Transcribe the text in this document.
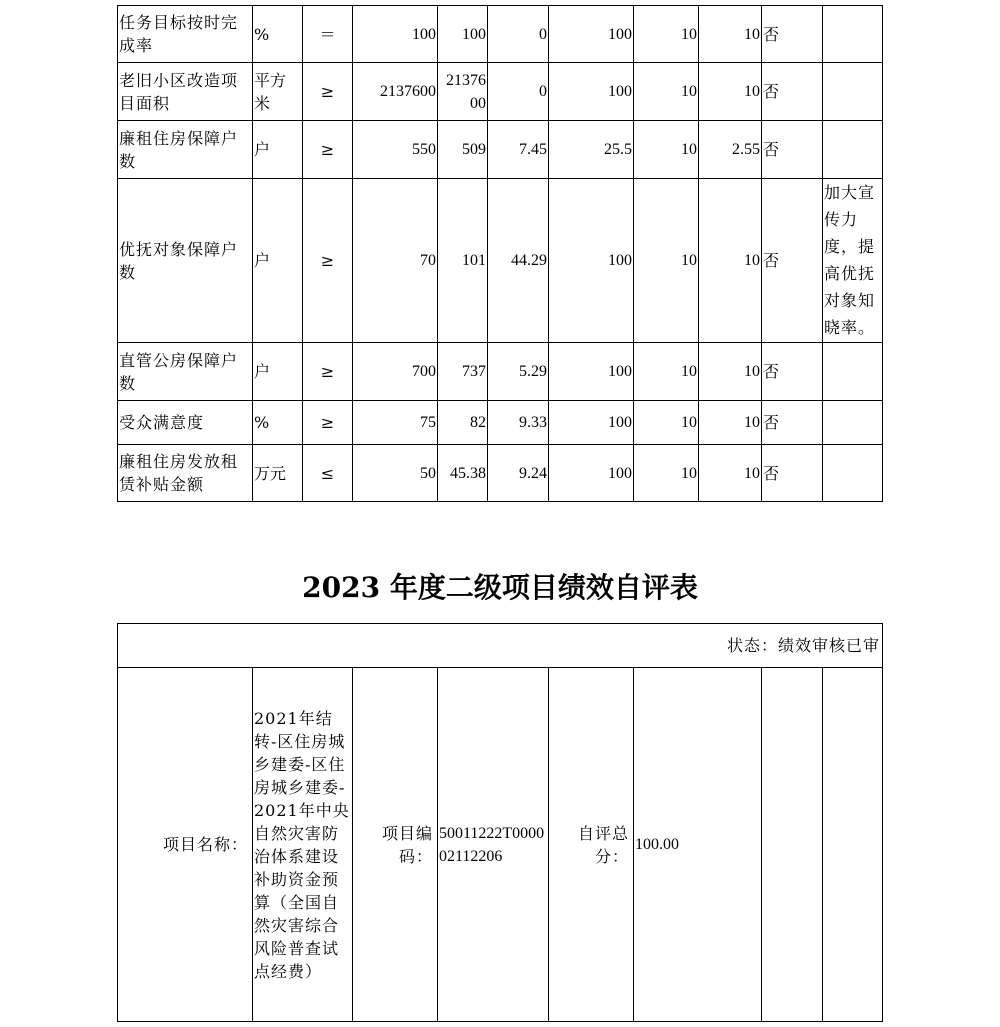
任务目标按时完成率	%	＝	100	100	0	100	10	10	否	
老旧小区改造项目面积	平方米	≥	2137600	2137600	0	100	10	10	否	
廉租住房保障户数	户	≥	550	509	7.45	25.5	10	2.55	否	
优抚对象保障户数	户	≥	70	101	44.29	100	10	10	否	加大宣传力度，提高优抚对象知晓率。
直管公房保障户数	户	≥	700	737	5.29	100	10	10	否	
受众满意度	%	≥	75	82	9.33	100	10	10	否	
廉租住房发放租赁补贴金额	万元	≤	50	45.38	9.24	100	10	10	否	
2023 年度二级项目绩效自评表
状态：绩效审核已审
项目名称：	2021年结转-区住房城乡建委-区住房城乡建委-2021年中央自然灾害防治体系建设补助资金预算（全国自然灾害综合风险普查试点经费）	项目编码：	50011222T000002112206	自评总分：	100.00		
